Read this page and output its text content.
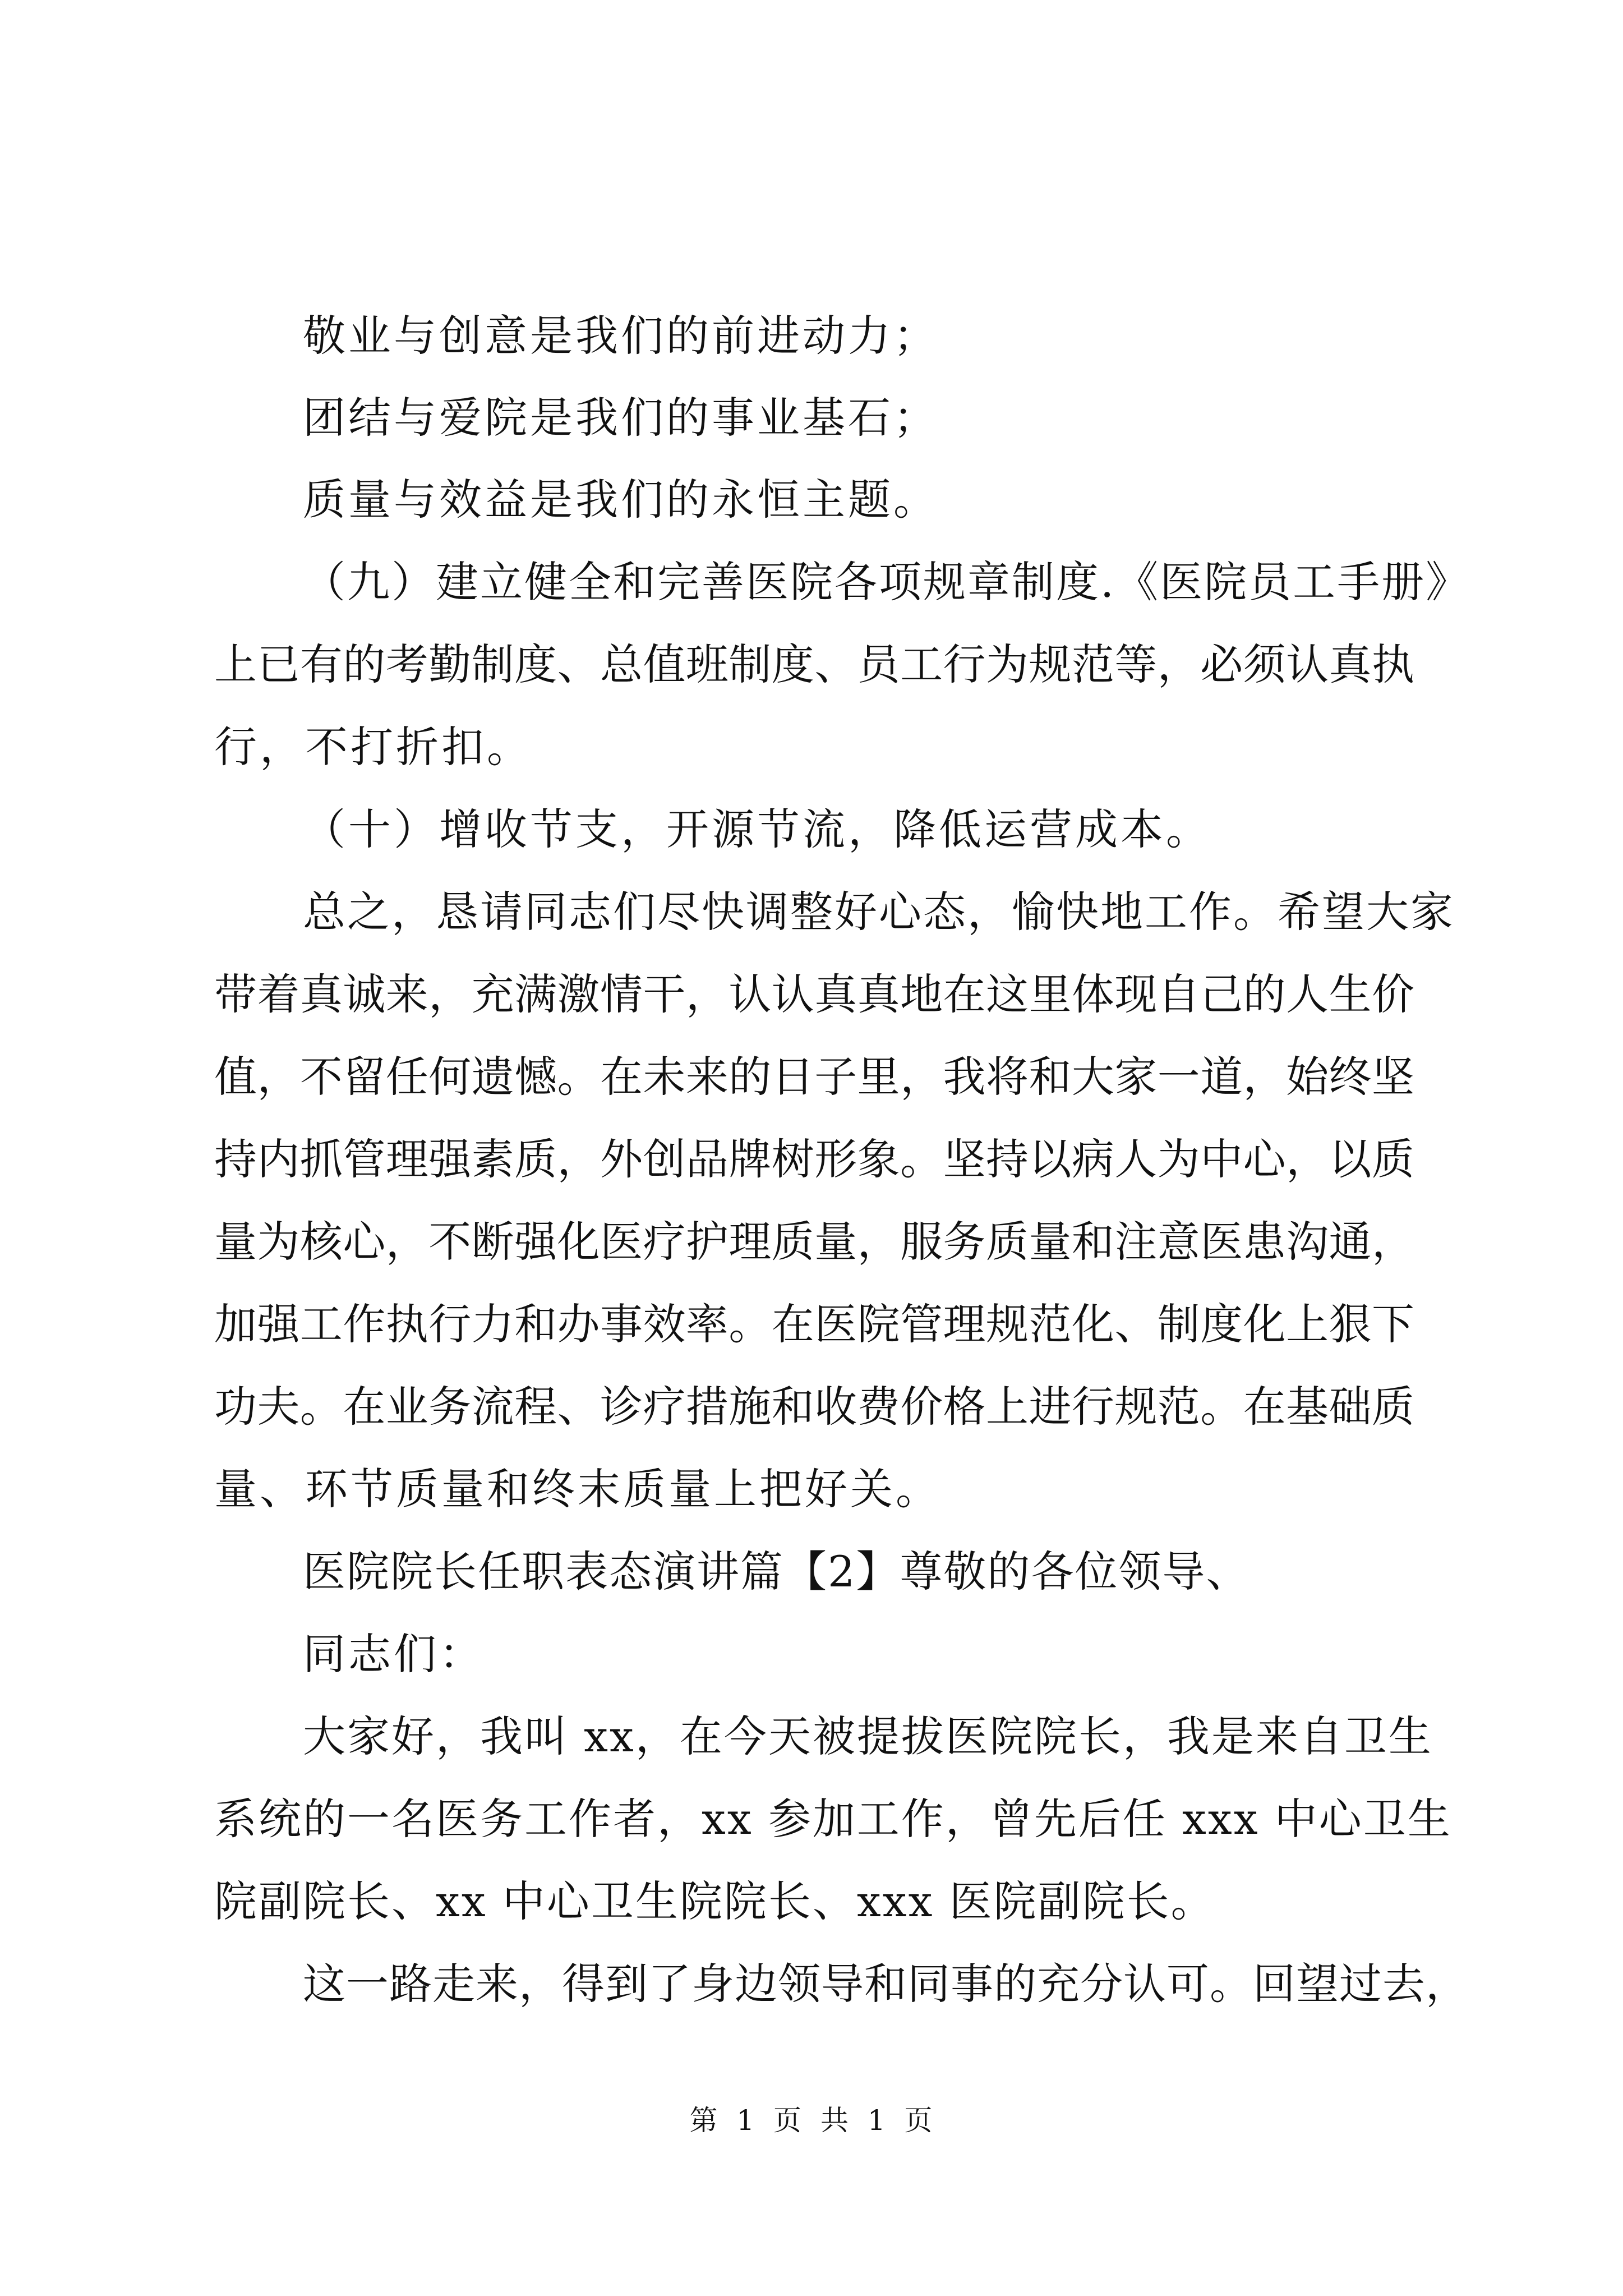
敬业与创意是我们的前进动力；
团结与爱院是我们的事业基石；
质量与效益是我们的永恒主题。
（九）建立健全和完善医院各项规章制度.《医院员工手册》
上已有的考勤制度、总值班制度、员工行为规范等，必须认真执
行，不打折扣。
（十）增收节支，开源节流，降低运营成本。
总之，恳请同志们尽快调整好心态，愉快地工作。希望大家
带着真诚来，充满激情干，认认真真地在这里体现自己的人生价
值，不留任何遗憾。在未来的日子里，我将和大家一道，始终坚
持内抓管理强素质，外创品牌树形象。坚持以病人为中心，以质
量为核心，不断强化医疗护理质量，服务质量和注意医患沟通，
加强工作执行力和办事效率。在医院管理规范化、制度化上狠下
功夫。在业务流程、诊疗措施和收费价格上进行规范。在基础质
量、环节质量和终末质量上把好关。
医院院长任职表态演讲篇【2】尊敬的各位领导、
同志们：
大家好，我叫 xx，在今天被提拔医院院长，我是来自卫生
系统的一名医务工作者，xx 参加工作，曾先后任 xxx 中心卫生
院副院长、xx 中心卫生院院长、xxx 医院副院长。
这一路走来，得到了身边领导和同事的充分认可。回望过去，
第 1 页 共 1 页
